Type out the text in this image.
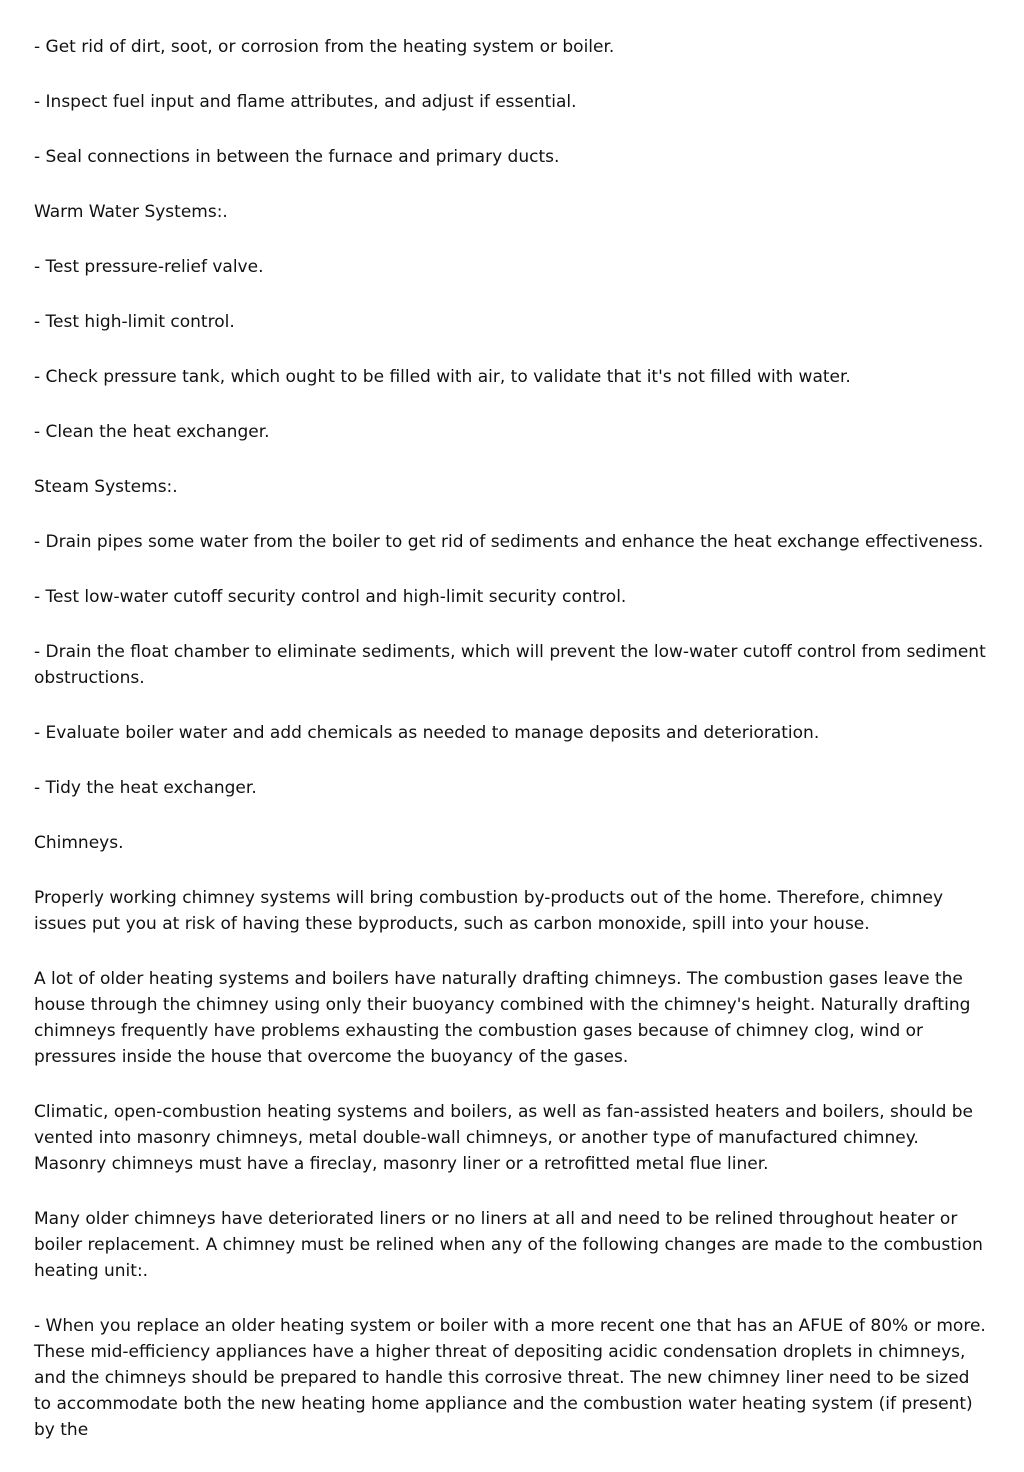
- Get rid of dirt, soot, or corrosion from the heating system or boiler.

- Inspect fuel input and flame attributes, and adjust if essential.

- Seal connections in between the furnace and primary ducts.

Warm Water Systems:.

- Test pressure-relief valve.

- Test high-limit control.

- Check pressure tank, which ought to be filled with air, to validate that it's not filled with water.

- Clean the heat exchanger.

Steam Systems:.

- Drain pipes some water from the boiler to get rid of sediments and enhance the heat exchange effectiveness.

- Test low-water cutoff security control and high-limit security control.

- Drain the float chamber to eliminate sediments, which will prevent the low-water cutoff control from sediment obstructions.

- Evaluate boiler water and add chemicals as needed to manage deposits and deterioration.

- Tidy the heat exchanger.

Chimneys.

Properly working chimney systems will bring combustion by-products out of the home. Therefore, chimney issues put you at risk of having these byproducts, such as carbon monoxide, spill into your house.

A lot of older heating systems and boilers have naturally drafting chimneys. The combustion gases leave the house through the chimney using only their buoyancy combined with the chimney's height. Naturally drafting chimneys frequently have problems exhausting the combustion gases because of chimney clog, wind or pressures inside the house that overcome the buoyancy of the gases.

Climatic, open-combustion heating systems and boilers, as well as fan-assisted heaters and boilers, should be vented into masonry chimneys, metal double-wall chimneys, or another type of manufactured chimney. Masonry chimneys must have a fireclay, masonry liner or a retrofitted metal flue liner.

Many older chimneys have deteriorated liners or no liners at all and need to be relined throughout heater or boiler replacement. A chimney must be relined when any of the following changes are made to the combustion heating unit:.

- When you replace an older heating system or boiler with a more recent one that has an AFUE of 80% or more. These mid-efficiency appliances have a higher threat of depositing acidic condensation droplets in chimneys, and the chimneys should be prepared to handle this corrosive threat. The new chimney liner need to be sized to accommodate both the new heating home appliance and the combustion water heating system (if present) by the
